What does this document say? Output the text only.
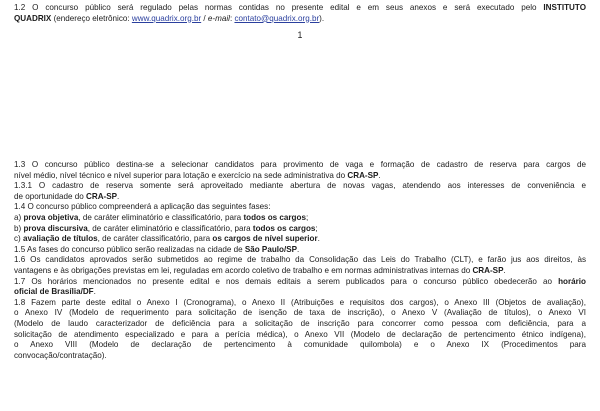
1.2 O concurso público será regulado pelas normas contidas no presente edital e em seus anexos e será executado pelo INSTITUTO
QUADRIX (endereço eletrônico: www.quadrix.org.br / e-mail: contato@quadrix.org.br).
1
1.3 O concurso público destina-se a selecionar candidatos para provimento de vaga e formação de cadastro de reserva para cargos de
nível médio, nível técnico e nível superior para lotação e exercício na sede administrativa do CRA-SP.
1.3.1 O cadastro de reserva somente será aproveitado mediante abertura de novas vagas, atendendo aos interesses de conveniência e
de oportunidade do CRA-SP.
1.4 O concurso público compreenderá a aplicação das seguintes fases:
a) prova objetiva, de caráter eliminatório e classificatório, para todos os cargos;
b) prova discursiva, de caráter eliminatório e classificatório, para todos os cargos;
c) avaliação de títulos, de caráter classificatório, para os cargos de nível superior.
1.5 As fases do concurso público serão realizadas na cidade de São Paulo/SP.
1.6 Os candidatos aprovados serão submetidos ao regime de trabalho da Consolidação das Leis do Trabalho (CLT), e farão jus aos direitos, às
vantagens e às obrigações previstas em lei, reguladas em acordo coletivo de trabalho e em normas administrativas internas do CRA-SP.
1.7 Os horários mencionados no presente edital e nos demais editais a serem publicados para o concurso público obedecerão ao horário
oficial de Brasília/DF.
1.8 Fazem parte deste edital o Anexo I (Cronograma), o Anexo II (Atribuições e requisitos dos cargos), o Anexo III (Objetos de avaliação),
o Anexo IV (Modelo de requerimento para solicitação de isenção de taxa de inscrição), o Anexo V (Avaliação de títulos), o Anexo VI
(Modelo de laudo caracterizador de deficiência para a solicitação de inscrição para concorrer como pessoa com deficiência, para a
solicitação de atendimento especializado e para a perícia médica), o Anexo VII (Modelo de declaração de pertencimento étnico indígena),
o Anexo VIII (Modelo de declaração de pertencimento à comunidade quilombola) e o Anexo IX (Procedimentos para
convocação/contratação).
